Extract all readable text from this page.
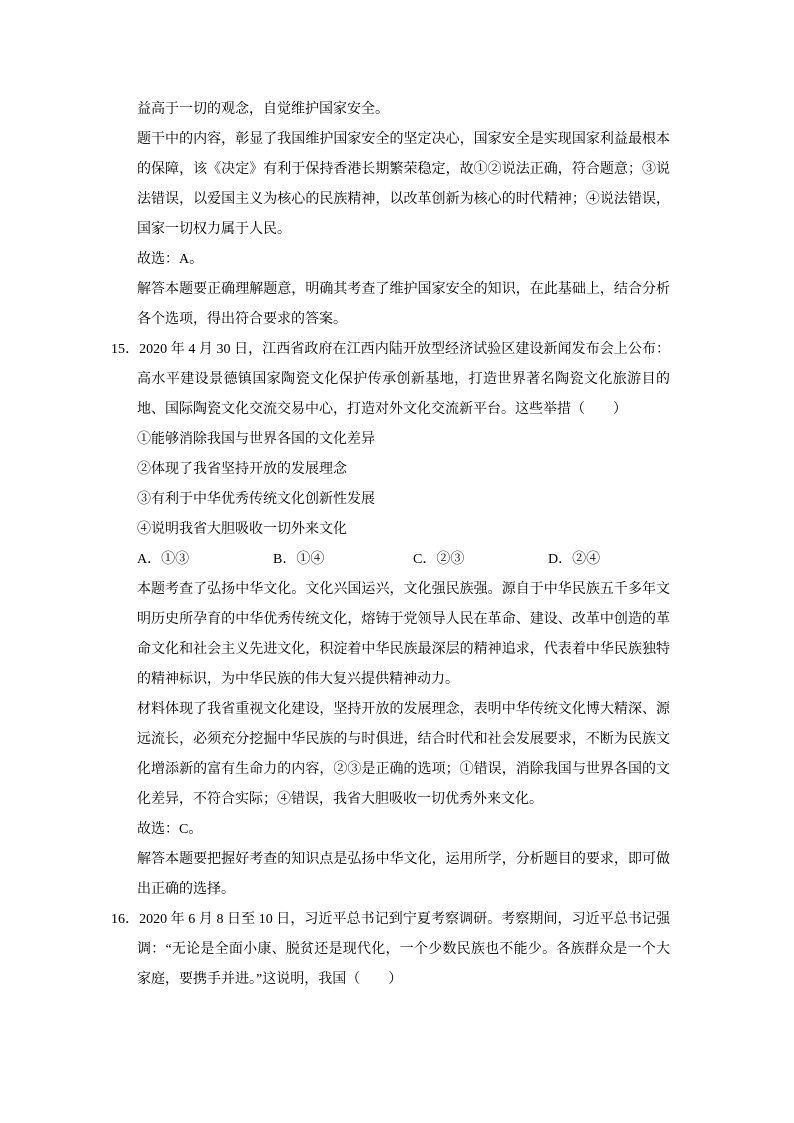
益高于一切的观念，自觉维护国家安全。

题干中的内容，彰显了我国维护国家安全的坚定决心，国家安全是实现国家利益最根本的保障，该《决定》有利于保持香港长期繁荣稳定，故①②说法正确，符合题意；③说法错误，以爱国主义为核心的民族精神，以改革创新为核心的时代精神；④说法错误，国家一切权力属于人民。

故选：A。

解答本题要正确理解题意，明确其考查了维护国家安全的知识，在此基础上，结合分析各个选项，得出符合要求的答案。

15．2020 年 4 月 30 日，江西省政府在江西内陆开放型经济试验区建设新闻发布会上公布：高水平建设景德镇国家陶瓷文化保护传承创新基地，打造世界著名陶瓷文化旅游目的地、国际陶瓷文化交流交易中心，打造对外文化交流新平台。这些举措（　　）

①能够消除我国与世界各国的文化差异

②体现了我省坚持开放的发展理念

③有利于中华优秀传统文化创新性发展

④说明我省大胆吸收一切外来文化

A．①③	B．①④	C．②③	D．②④

本题考查了弘扬中华文化。文化兴国运兴，文化强民族强。源自于中华民族五千多年文明历史所孕育的中华优秀传统文化，熔铸于党领导人民在革命、建设、改革中创造的革命文化和社会主义先进文化，积淀着中华民族最深层的精神追求，代表着中华民族独特的精神标识，为中华民族的伟大复兴提供精神动力。

材料体现了我省重视文化建设，坚持开放的发展理念，表明中华传统文化博大精深、源远流长，必须充分挖掘中华民族的与时俱进，结合时代和社会发展要求，不断为民族文化增添新的富有生命力的内容，②③是正确的选项；①错误，消除我国与世界各国的文化差异，不符合实际；④错误，我省大胆吸收一切优秀外来文化。

故选：C。

解答本题要把握好考查的知识点是弘扬中华文化，运用所学，分析题目的要求，即可做出正确的选择。

16．2020 年 6 月 8 日至 10 日，习近平总书记到宁夏考察调研。考察期间，习近平总书记强调：“无论是全面小康、脱贫还是现代化，一个少数民族也不能少。各族群众是一个大家庭，要携手并进。”这说明，我国（　　）
